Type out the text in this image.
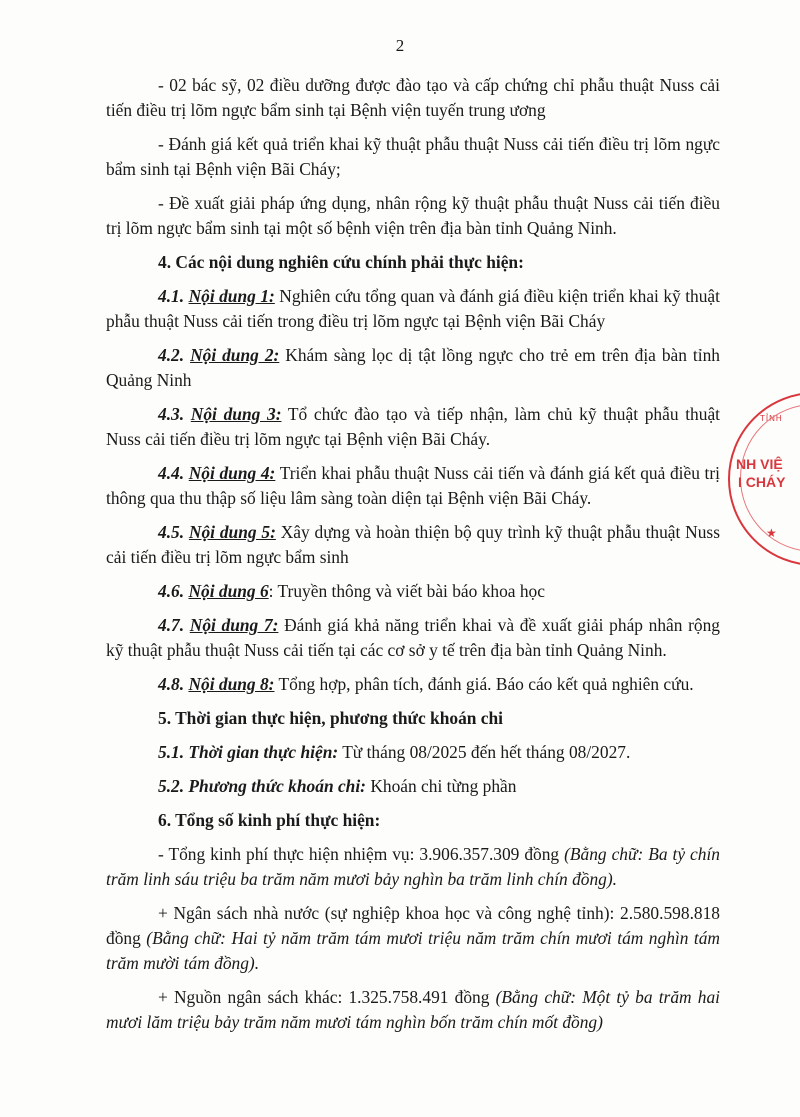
2

- 02 bác sỹ, 02 điều dưỡng được đào tạo và cấp chứng chỉ phẫu thuật Nuss cải tiến điều trị lõm ngực bẩm sinh tại Bệnh viện tuyến trung ương

- Đánh giá kết quả triển khai kỹ thuật phẫu thuật Nuss cải tiến điều trị lõm ngực bẩm sinh tại Bệnh viện Bãi Cháy;

- Đề xuất giải pháp ứng dụng, nhân rộng kỹ thuật phẫu thuật Nuss cải tiến điều trị lõm ngực bẩm sinh tại một số bệnh viện trên địa bàn tỉnh Quảng Ninh.

4. Các nội dung nghiên cứu chính phải thực hiện:

4.1. Nội dung 1: Nghiên cứu tổng quan và đánh giá điều kiện triển khai kỹ thuật phẫu thuật Nuss cải tiến trong điều trị lõm ngực tại Bệnh viện Bãi Cháy

4.2. Nội dung 2: Khám sàng lọc dị tật lồng ngực cho trẻ em trên địa bàn tỉnh Quảng Ninh

4.3. Nội dung 3: Tổ chức đào tạo và tiếp nhận, làm chủ kỹ thuật phẫu thuật Nuss cải tiến điều trị lõm ngực tại Bệnh viện Bãi Cháy.

4.4. Nội dung 4: Triển khai phẫu thuật Nuss cải tiến và đánh giá kết quả điều trị thông qua thu thập số liệu lâm sàng toàn diện tại Bệnh viện Bãi Cháy.

4.5. Nội dung 5: Xây dựng và hoàn thiện bộ quy trình kỹ thuật phẫu thuật Nuss cải tiến điều trị lõm ngực bẩm sinh

4.6. Nội dung 6: Truyền thông và viết bài báo khoa học

4.7. Nội dung 7: Đánh giá khả năng triển khai và đề xuất giải pháp nhân rộng kỹ thuật phẫu thuật Nuss cải tiến tại các cơ sở y tế trên địa bàn tỉnh Quảng Ninh.

4.8. Nội dung 8: Tổng hợp, phân tích, đánh giá. Báo cáo kết quả nghiên cứu.

5. Thời gian thực hiện, phương thức khoán chi

5.1. Thời gian thực hiện: Từ tháng 08/2025 đến hết tháng 08/2027.

5.2. Phương thức khoán chi: Khoán chi từng phần

6. Tổng số kinh phí thực hiện:

- Tổng kinh phí thực hiện nhiệm vụ: 3.906.357.309 đồng (Bằng chữ: Ba tỷ chín trăm linh sáu triệu ba trăm năm mươi bảy nghìn ba trăm linh chín đồng).

+ Ngân sách nhà nước (sự nghiệp khoa học và công nghệ tỉnh): 2.580.598.818 đồng (Bằng chữ: Hai tỷ năm trăm tám mươi triệu năm trăm chín mươi tám nghìn tám trăm mười tám đồng).

+ Nguồn ngân sách khác: 1.325.758.491 đồng (Bằng chữ: Một tỷ ba trăm hai mươi lăm triệu bảy trăm năm mươi tám nghìn bốn trăm chín mốt đồng)

TỈNH
NH VIỆ
I CHÁY
★
